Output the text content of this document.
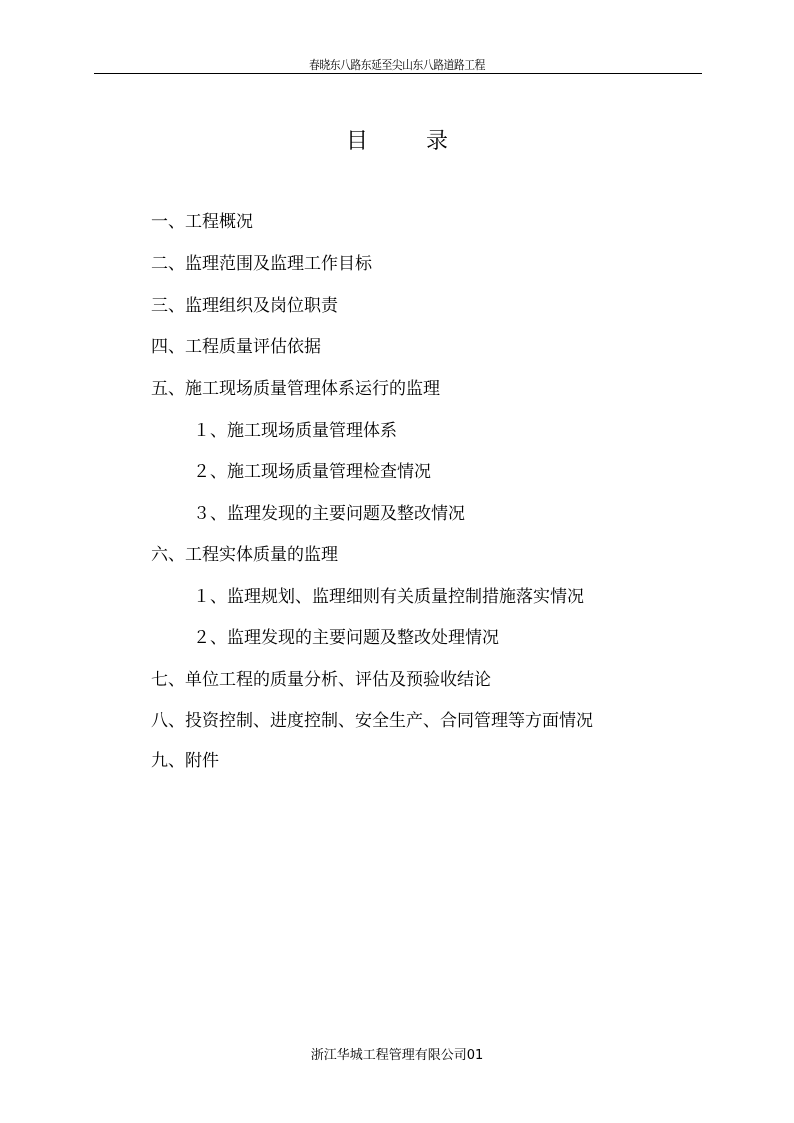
春晓东八路东延至尖山东八路道路工程
目	录
一、工程概况
二、监理范围及监理工作目标
三、监理组织及岗位职责
四、工程质量评估依据
五、施工现场质量管理体系运行的监理
１、施工现场质量管理体系
２、施工现场质量管理检查情况
３、监理发现的主要问题及整改情况
六、工程实体质量的监理
１、监理规划、监理细则有关质量控制措施落实情况
２、监理发现的主要问题及整改处理情况
七、单位工程的质量分析、评估及预验收结论
八、投资控制、进度控制、安全生产、合同管理等方面情况
九、附件
浙江华城工程管理有限公司01
